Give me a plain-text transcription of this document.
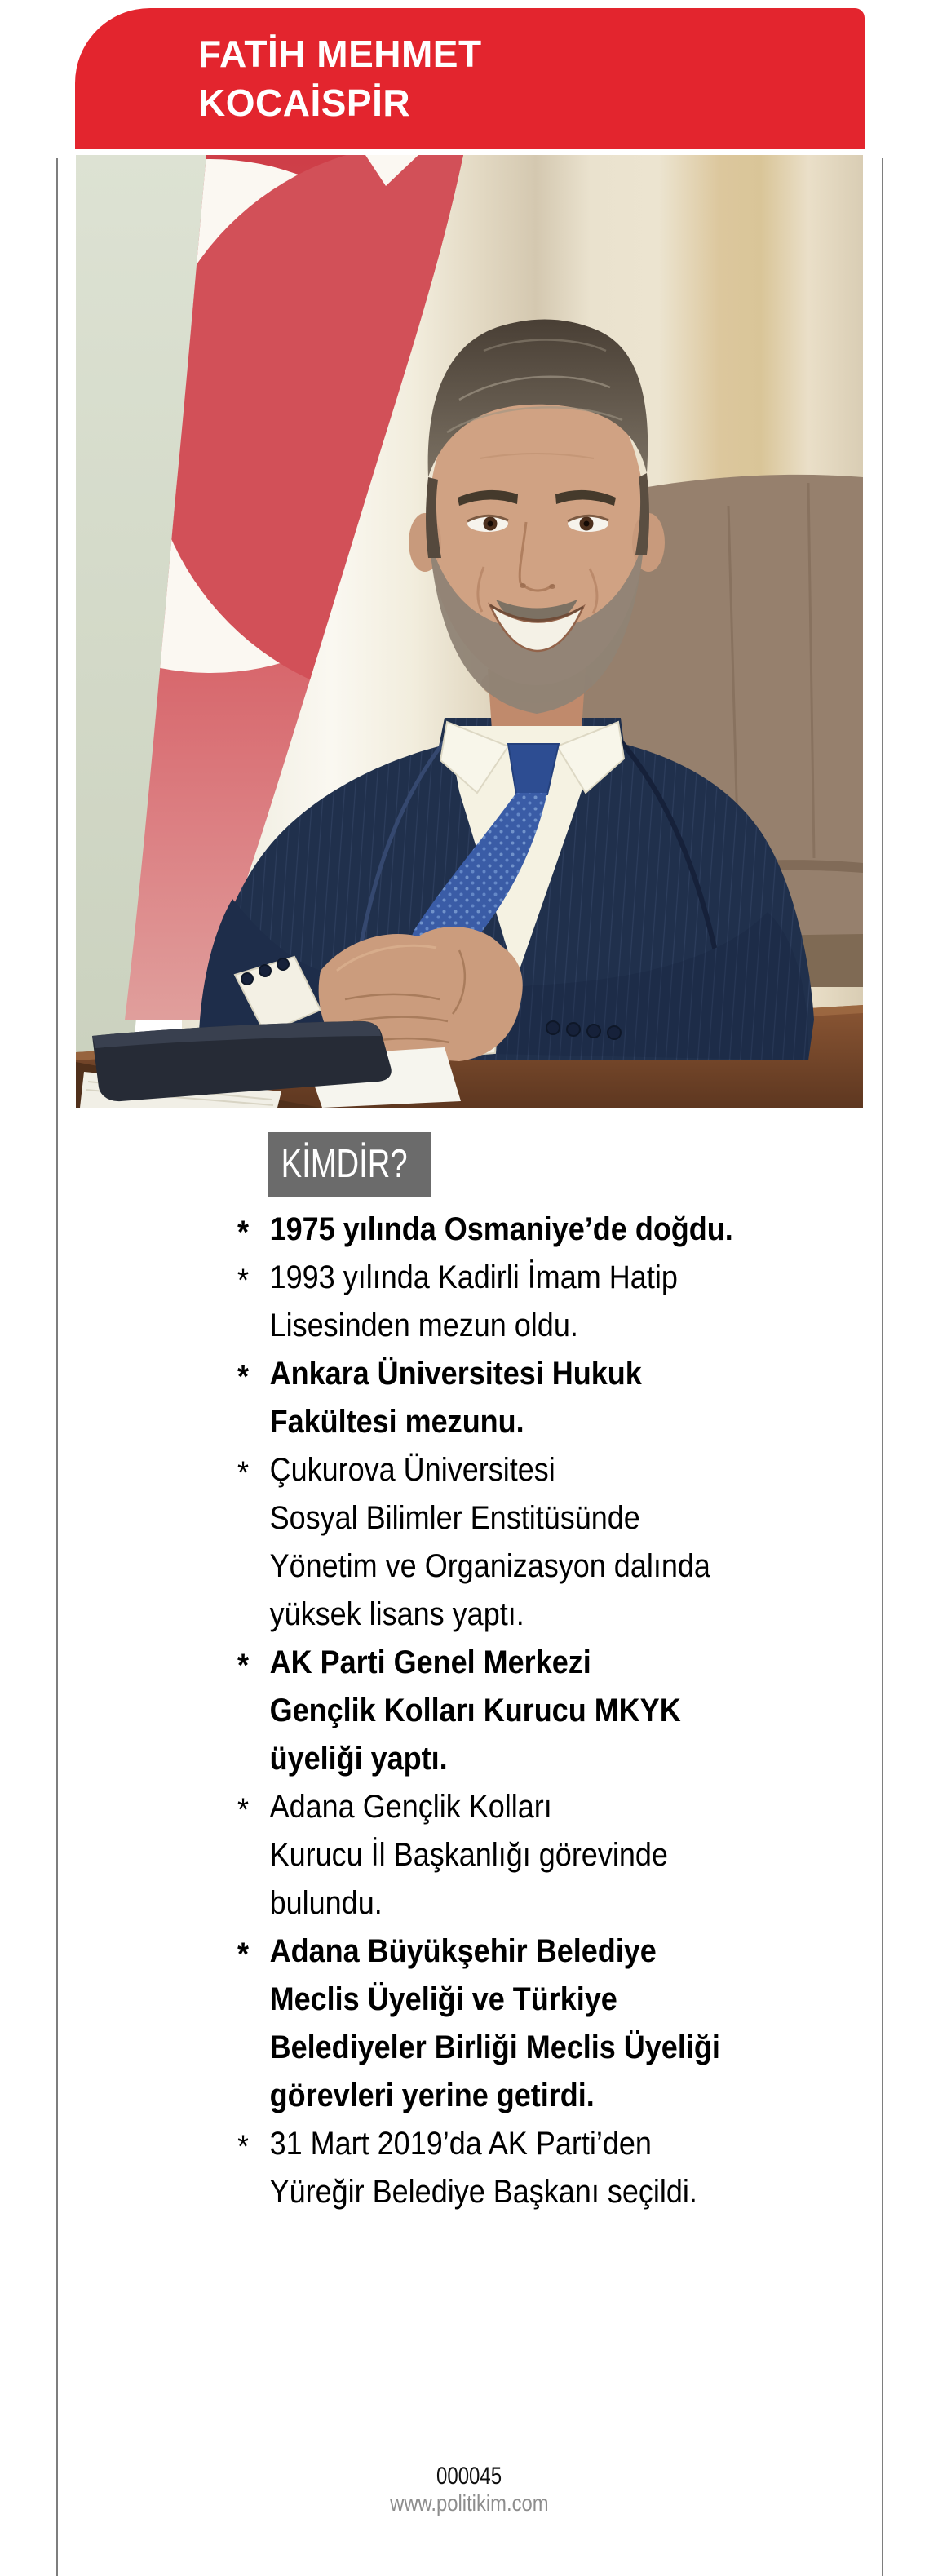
FATİH MEHMET
KOCAİSPİR
KİMDİR?
* 1975 yılında Osmaniye’de doğdu.
* 1993 yılında Kadirli İmam Hatip
Lisesinden mezun oldu.
* Ankara Üniversitesi Hukuk
Fakültesi mezunu.
* Çukurova Üniversitesi
Sosyal Bilimler Enstitüsünde
Yönetim ve Organizasyon dalında
yüksek lisans yaptı.
* AK Parti Genel Merkezi
Gençlik Kolları Kurucu MKYK
üyeliği yaptı.
* Adana Gençlik Kolları
Kurucu İl Başkanlığı görevinde
bulundu.
* Adana Büyükşehir Belediye
Meclis Üyeliği ve Türkiye
Belediyeler Birliği Meclis Üyeliği
görevleri yerine getirdi.
* 31 Mart 2019’da AK Parti’den
Yüreğir Belediye Başkanı seçildi.
000045
www.politikim.com
